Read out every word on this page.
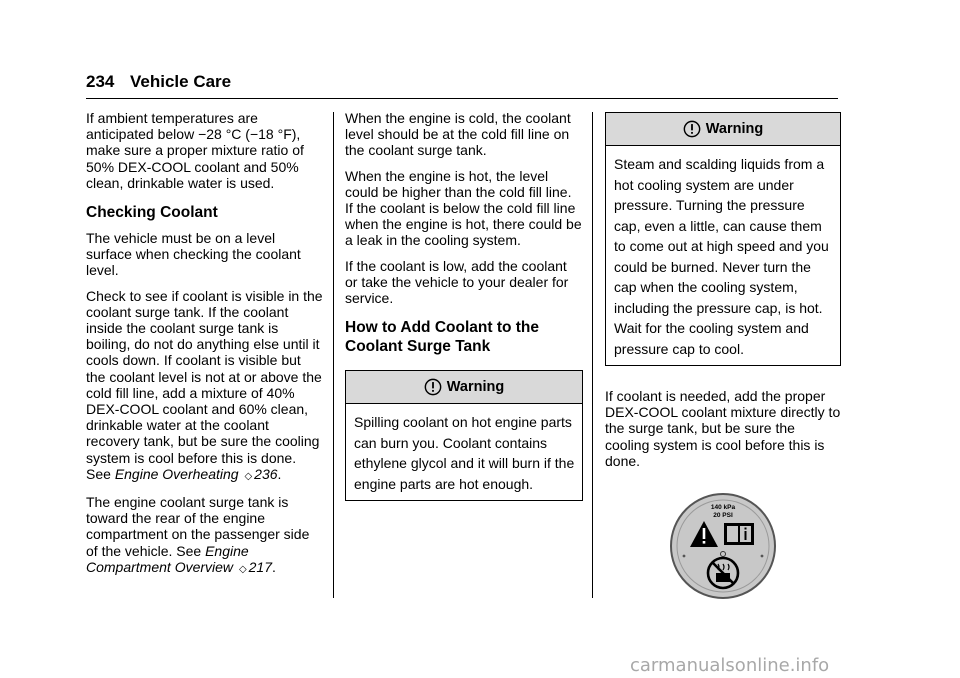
234 Vehicle Care

If ambient temperatures are anticipated below −28 °C (−18 °F), make sure a proper mixture ratio of 50% DEX-COOL coolant and 50% clean, drinkable water is used.

Checking Coolant

The vehicle must be on a level surface when checking the coolant level.

Check to see if coolant is visible in the coolant surge tank. If the coolant inside the coolant surge tank is boiling, do not do anything else until it cools down. If coolant is visible but the coolant level is not at or above the cold fill line, add a mixture of 40% DEX-COOL coolant and 60% clean, drinkable water at the coolant recovery tank, but be sure the cooling system is cool before this is done. See Engine Overheating ◇ 236.

The engine coolant surge tank is toward the rear of the engine compartment on the passenger side of the vehicle. See Engine Compartment Overview ◇ 217.

When the engine is cold, the coolant level should be at the cold fill line on the coolant surge tank.

When the engine is hot, the level could be higher than the cold fill line. If the coolant is below the cold fill line when the engine is hot, there could be a leak in the cooling system.

If the coolant is low, add the coolant or take the vehicle to your dealer for service.

How to Add Coolant to the Coolant Surge Tank
Warning
Spilling coolant on hot engine parts can burn you. Coolant contains ethylene glycol and it will burn if the engine parts are hot enough.
Warning
Steam and scalding liquids from a hot cooling system are under pressure. Turning the pressure cap, even a little, can cause them to come out at high speed and you could be burned. Never turn the cap when the cooling system, including the pressure cap, is hot. Wait for the cooling system and pressure cap to cool.

If coolant is needed, add the proper DEX-COOL coolant mixture directly to the surge tank, but be sure the cooling system is cool before this is done.

140 kPa
20 PSI
carmanualsonline.info
